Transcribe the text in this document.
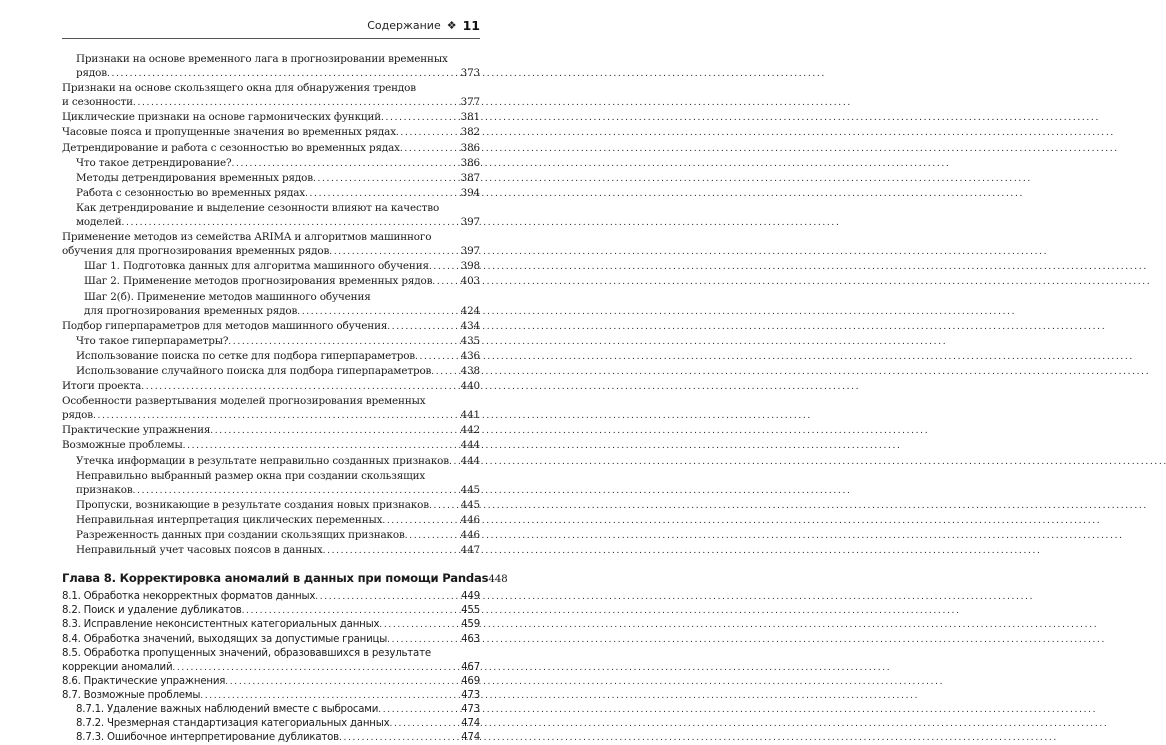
Содержание ❖ 11
Признаки на основе временного лага в прогнозировании временных
рядов . . .	373
Признаки на основе скользящего окна для обнаружения трендов
и сезонности . . .	377
Циклические признаки на основе гармонических функций . . .	381
Часовые пояса и пропущенные значения во временных рядах . . .	382
Детрендирование и работа с сезонностью во временных рядах . . .	386
Что такое детрендирование? . . .	386
Методы детрендирования временных рядов . . .	387
Работа с сезонностью во временных рядах . . .	394
Как детрендирование и выделение сезонности влияют на качество
моделей . . .	397
Применение методов из семейства ARIMA и алгоритмов машинного
обучения для прогнозирования временных рядов . . .	397
Шаг 1. Подготовка данных для алгоритма машинного обучения . . .	398
Шаг 2. Применение методов прогнозирования временных рядов . . .	403
Шаг 2(б). Применение методов машинного обучения
для прогнозирования временных рядов . . .	424
Подбор гиперпараметров для методов машинного обучения . . .	434
Что такое гиперпараметры? . . .	435
Использование поиска по сетке для подбора гиперпараметров . . .	436
Использование случайного поиска для подбора гиперпараметров . . .	438
Итоги проекта . . .	440
Особенности развертывания моделей прогнозирования временных
рядов . . .	441
Практические упражнения . . .	442
Возможные проблемы . . .	444
Утечка информации в результате неправильно созданных признаков . . . 444
Неправильно выбранный размер окна при создании скользящих
признаков . . .	445
Пропуски, возникающие в результате создания новых признаков . . .	445
Неправильная интерпретация циклических переменных . . .	446
Разреженность данных при создании скользящих признаков . . .	446
Неправильный учет часовых поясов в данных . . .	447
Глава 8. Корректировка аномалий в данных при помощи Pandas 448
8.1. Обработка некорректных форматов данных . . .	449
8.2. Поиск и удаление дубликатов . . .	455
8.3. Исправление неконсистентных категориальных данных . . .	459
8.4. Обработка значений, выходящих за допустимые границы . . .	463
8.5. Обработка пропущенных значений, образовавшихся в результате
коррекции аномалий . . .	467
8.6. Практические упражнения . . .	469
8.7. Возможные проблемы . . .	473
8.7.1. Удаление важных наблюдений вместе с выбросами . . .	473
8.7.2. Чрезмерная стандартизация категориальных данных . . .	474
8.7.3. Ошибочное интерпретирование дубликатов . . .	474
